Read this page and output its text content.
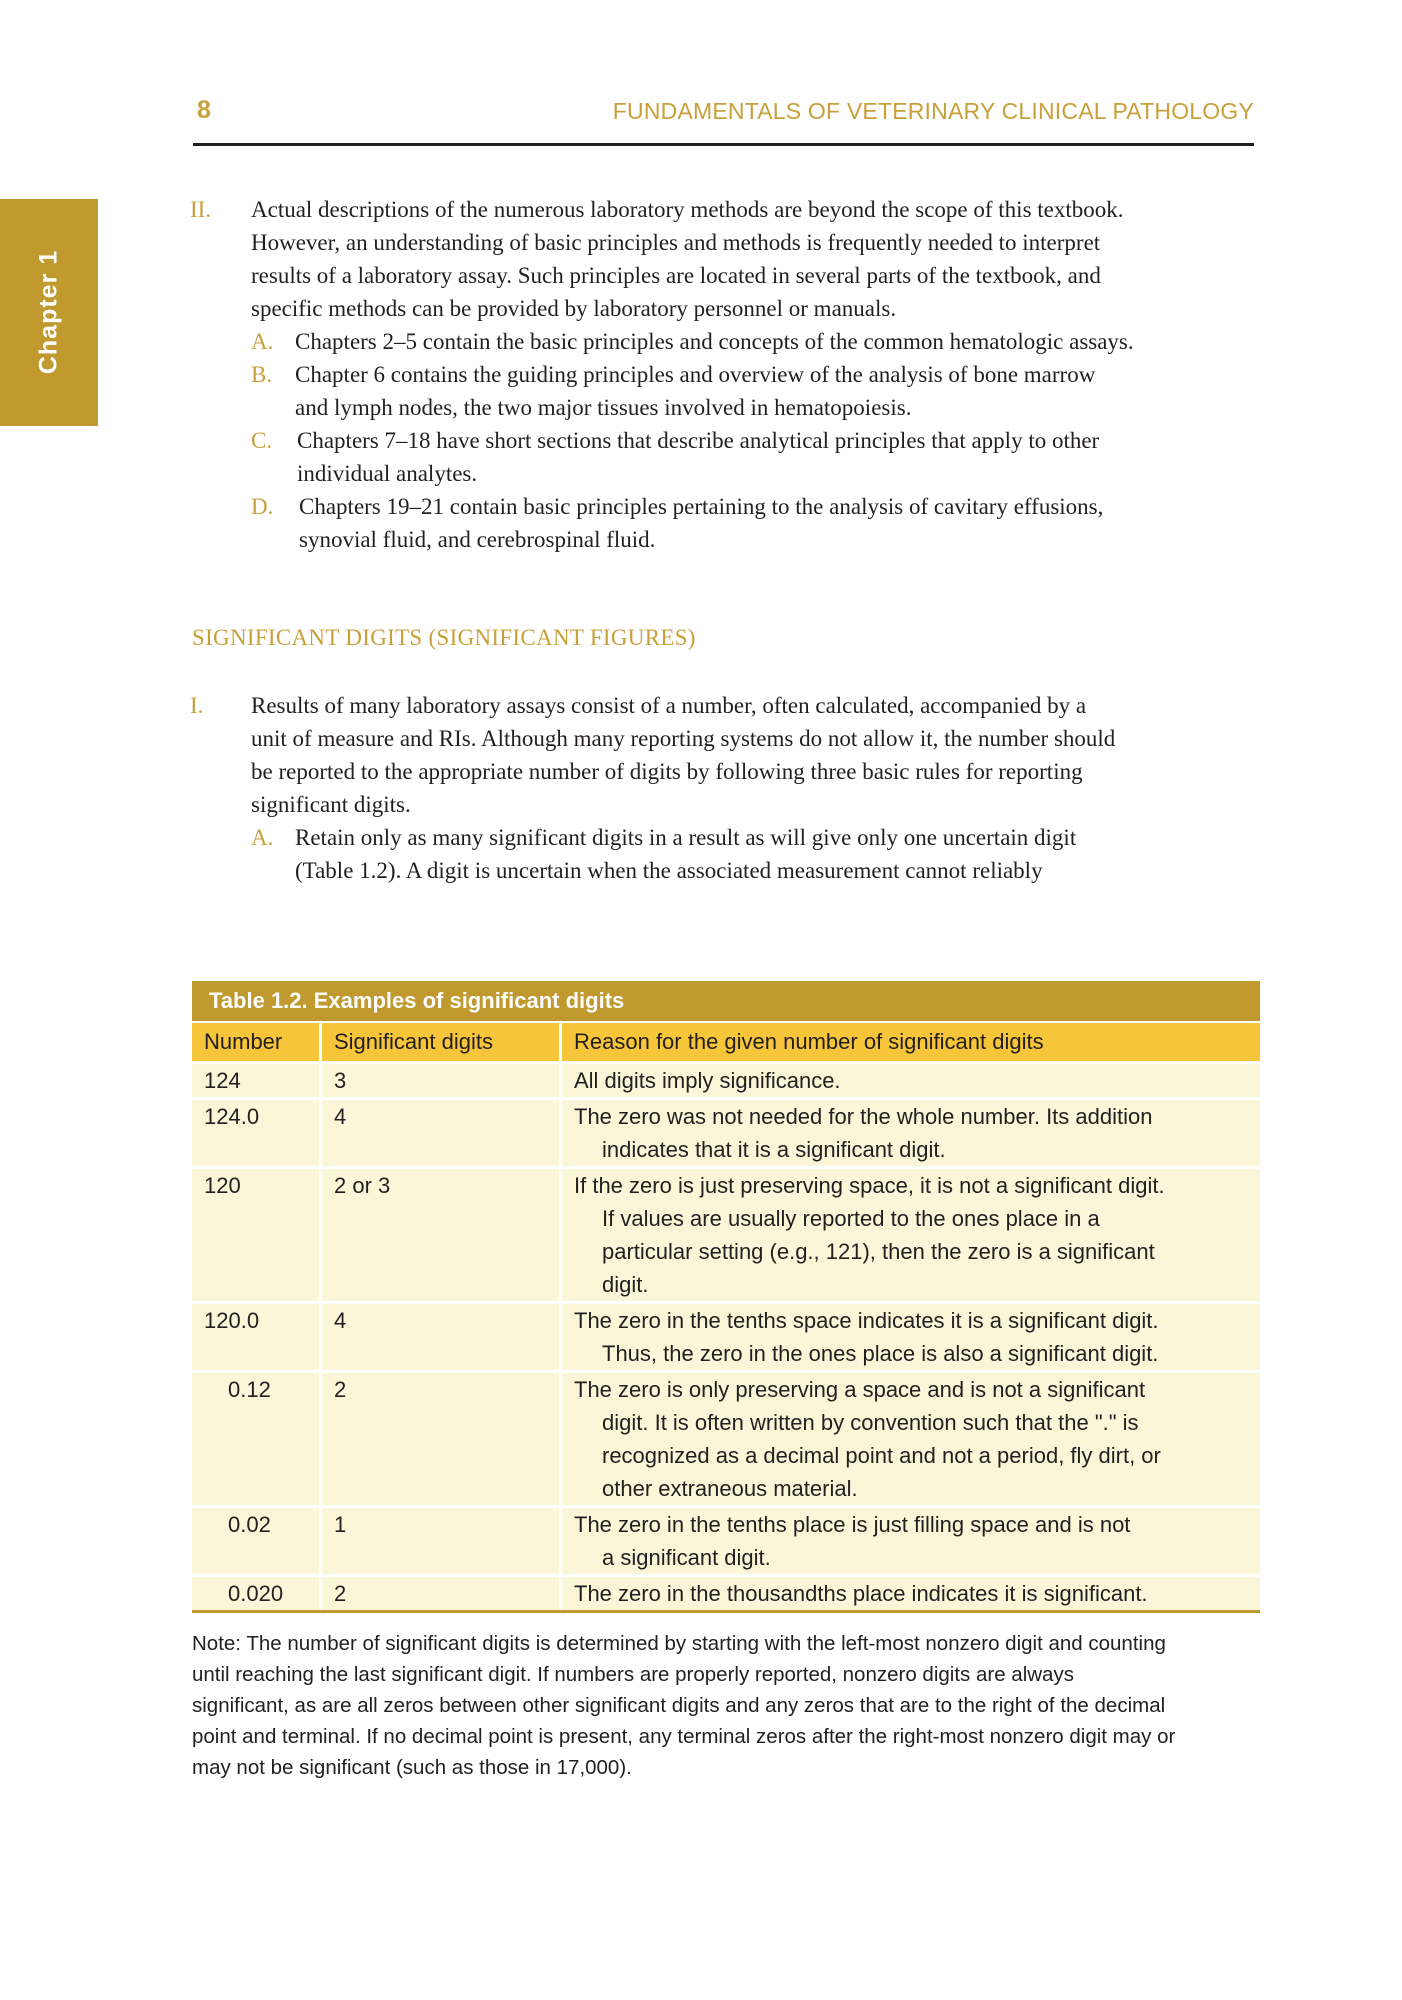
8	FUNDAMENTALS OF VETERINARY CLINICAL PATHOLOGY
Chapter 1
II. Actual descriptions of the numerous laboratory methods are beyond the scope of this textbook.
However, an understanding of basic principles and methods is frequently needed to interpret
results of a laboratory assay. Such principles are located in several parts of the textbook, and
specific methods can be provided by laboratory personnel or manuals.
A. Chapters 2–5 contain the basic principles and concepts of the common hematologic assays.
B. Chapter 6 contains the guiding principles and overview of the analysis of bone marrow
and lymph nodes, the two major tissues involved in hematopoiesis.
C. Chapters 7–18 have short sections that describe analytical principles that apply to other
individual analytes.
D. Chapters 19–21 contain basic principles pertaining to the analysis of cavitary effusions,
synovial fluid, and cerebrospinal fluid.
SIGNIFICANT DIGITS (SIGNIFICANT FIGURES)
I. Results of many laboratory assays consist of a number, often calculated, accompanied by a
unit of measure and RIs. Although many reporting systems do not allow it, the number should
be reported to the appropriate number of digits by following three basic rules for reporting
significant digits.
A. Retain only as many significant digits in a result as will give only one uncertain digit
(Table 1.2). A digit is uncertain when the associated measurement cannot reliably
Table 1.2. Examples of significant digits
Number	Significant digits	Reason for the given number of significant digits
124	3	All digits imply significance.

124.0	4	The zero was not needed for the whole number. Its addition

indicates that it is a significant digit.

120	2 or 3	If the zero is just preserving space, it is not a significant digit.

If values are usually reported to the ones place in a

particular setting (e.g., 121), then the zero is a significant

digit.

120.0	4	The zero in the tenths space indicates it is a significant digit.

Thus, the zero in the ones place is also a significant digit.

0.12	2	The zero is only preserving a space and is not a significant

digit. It is often written by convention such that the "." is

recognized as a decimal point and not a period, fly dirt, or

other extraneous material.

0.02	1	The zero in the tenths place is just filling space and is not

a significant digit.

0.020	2	The zero in the thousandths place indicates it is significant.

Note: The number of significant digits is determined by starting with the left-most nonzero digit and counting
until reaching the last significant digit. If numbers are properly reported, nonzero digits are always
significant, as are all zeros between other significant digits and any zeros that are to the right of the decimal
point and terminal. If no decimal point is present, any terminal zeros after the right-most nonzero digit may or
may not be significant (such as those in 17,000).
